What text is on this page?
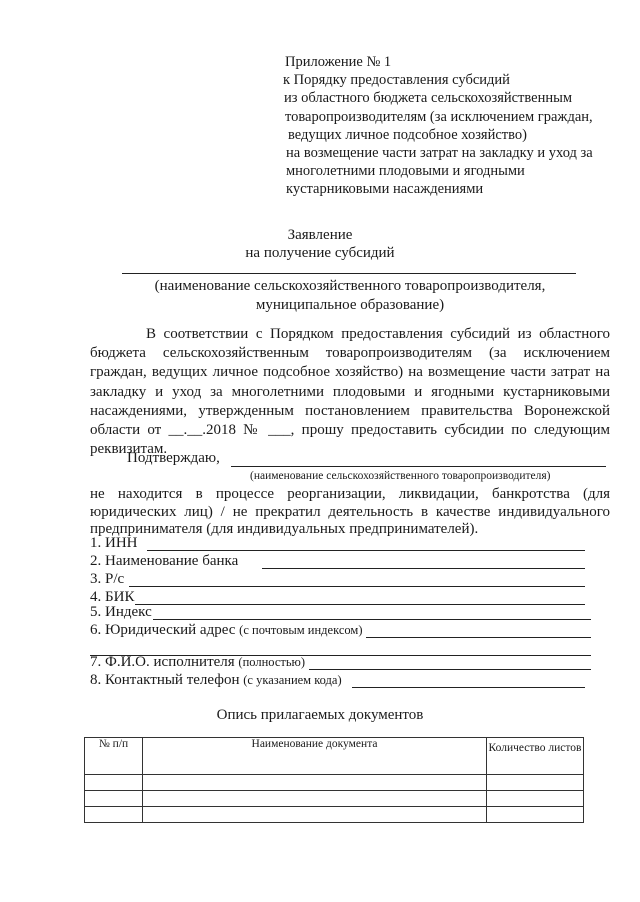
Приложение № 1
к Порядку предоставления субсидий
из областного бюджета сельскохозяйственным
товаропроизводителям (за исключением граждан,
ведущих личное подсобное хозяйство)
на возмещение части затрат на закладку и уход за
многолетними плодовыми и ягодными
кустарниковыми насаждениями
Заявление
на получение субсидий
(наименование сельскохозяйственного товаропроизводителя,
муниципальное образование)
В соответствии с Порядком предоставления субсидий из областного бюджета сельскохозяйственным товаропроизводителям (за исключением граждан, ведущих личное подсобное хозяйство) на возмещение части затрат на закладку и уход за многолетними плодовыми и ягодными кустарниковыми насаждениями, утвержденным постановлением правительства Воронежской области от __.__.2018 № ___, прошу предоставить субсидии по следующим реквизитам.
Подтверждаю,
(наименование сельскохозяйственного товаропроизводителя)
не находится в процессе реорганизации, ликвидации, банкротства (для юридических лиц) / не прекратил деятельность в качестве индивидуального предпринимателя (для индивидуальных предпринимателей).
1. ИНН
2. Наименование банка
3. Р/с
4. БИК
5. Индекс
6. Юридический адрес (с почтовым индексом)
7. Ф.И.О. исполнителя (полностью)
8. Контактный телефон (с указанием кода)
Опись прилагаемых документов
№ п/п	Наименование документа	Количество листов
